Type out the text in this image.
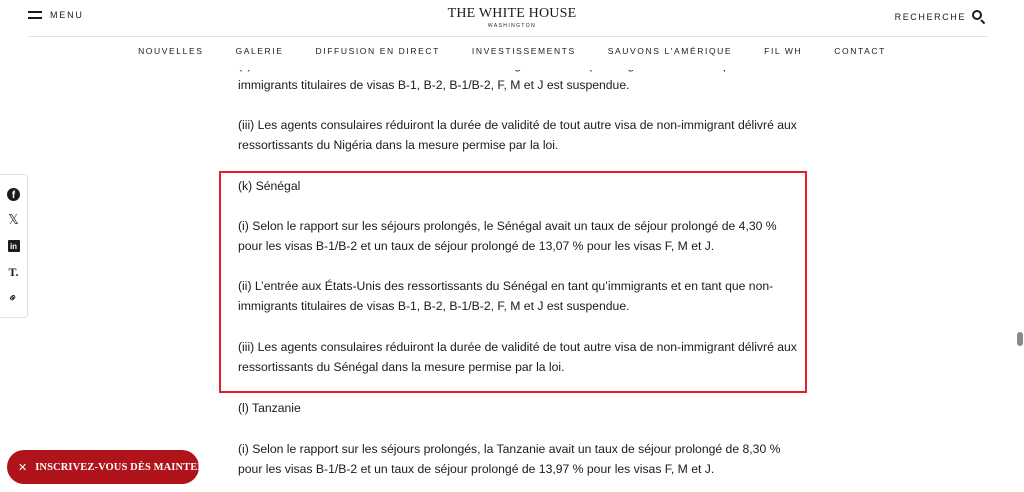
MENU	THE WHITE HOUSE
WASHINGTON
RECHERCHE
NOUVELLES	GALERIE	DIFFUSION EN DIRECT	INVESTISSEMENTS	SAUVONS L'AMÉRIQUE	FIL WH	CONTACT

immigrants titulaires de visas B-1, B-2, B-1/B-2, F, M et J est suspendue.

(iii) Les agents consulaires réduiront la durée de validité de tout autre visa de non-immigrant délivré aux ressortissants du Nigéria dans la mesure permise par la loi.

(k) Sénégal

(i) Selon le rapport sur les séjours prolongés, le Sénégal avait un taux de séjour prolongé de 4,30 % pour les visas B-1/B-2 et un taux de séjour prolongé de 13,07 % pour les visas F, M et J.

(ii) L’entrée aux États-Unis des ressortissants du Sénégal en tant qu’immigrants et en tant que non-immigrants titulaires de visas B-1, B-2, B-1/B-2, F, M et J est suspendue.

(iii) Les agents consulaires réduiront la durée de validité de tout autre visa de non-immigrant délivré aux ressortissants du Sénégal dans la mesure permise par la loi.

(l) Tanzanie

(i) Selon le rapport sur les séjours prolongés, la Tanzanie avait un taux de séjour prolongé de 8,30 % pour les visas B-1/B-2 et un taux de séjour prolongé de 13,97 % pour les visas F, M et J.

f
𝕏
in
T.
⚭
✕ INSCRIVEZ-VOUS DÈS MAINTENANT
